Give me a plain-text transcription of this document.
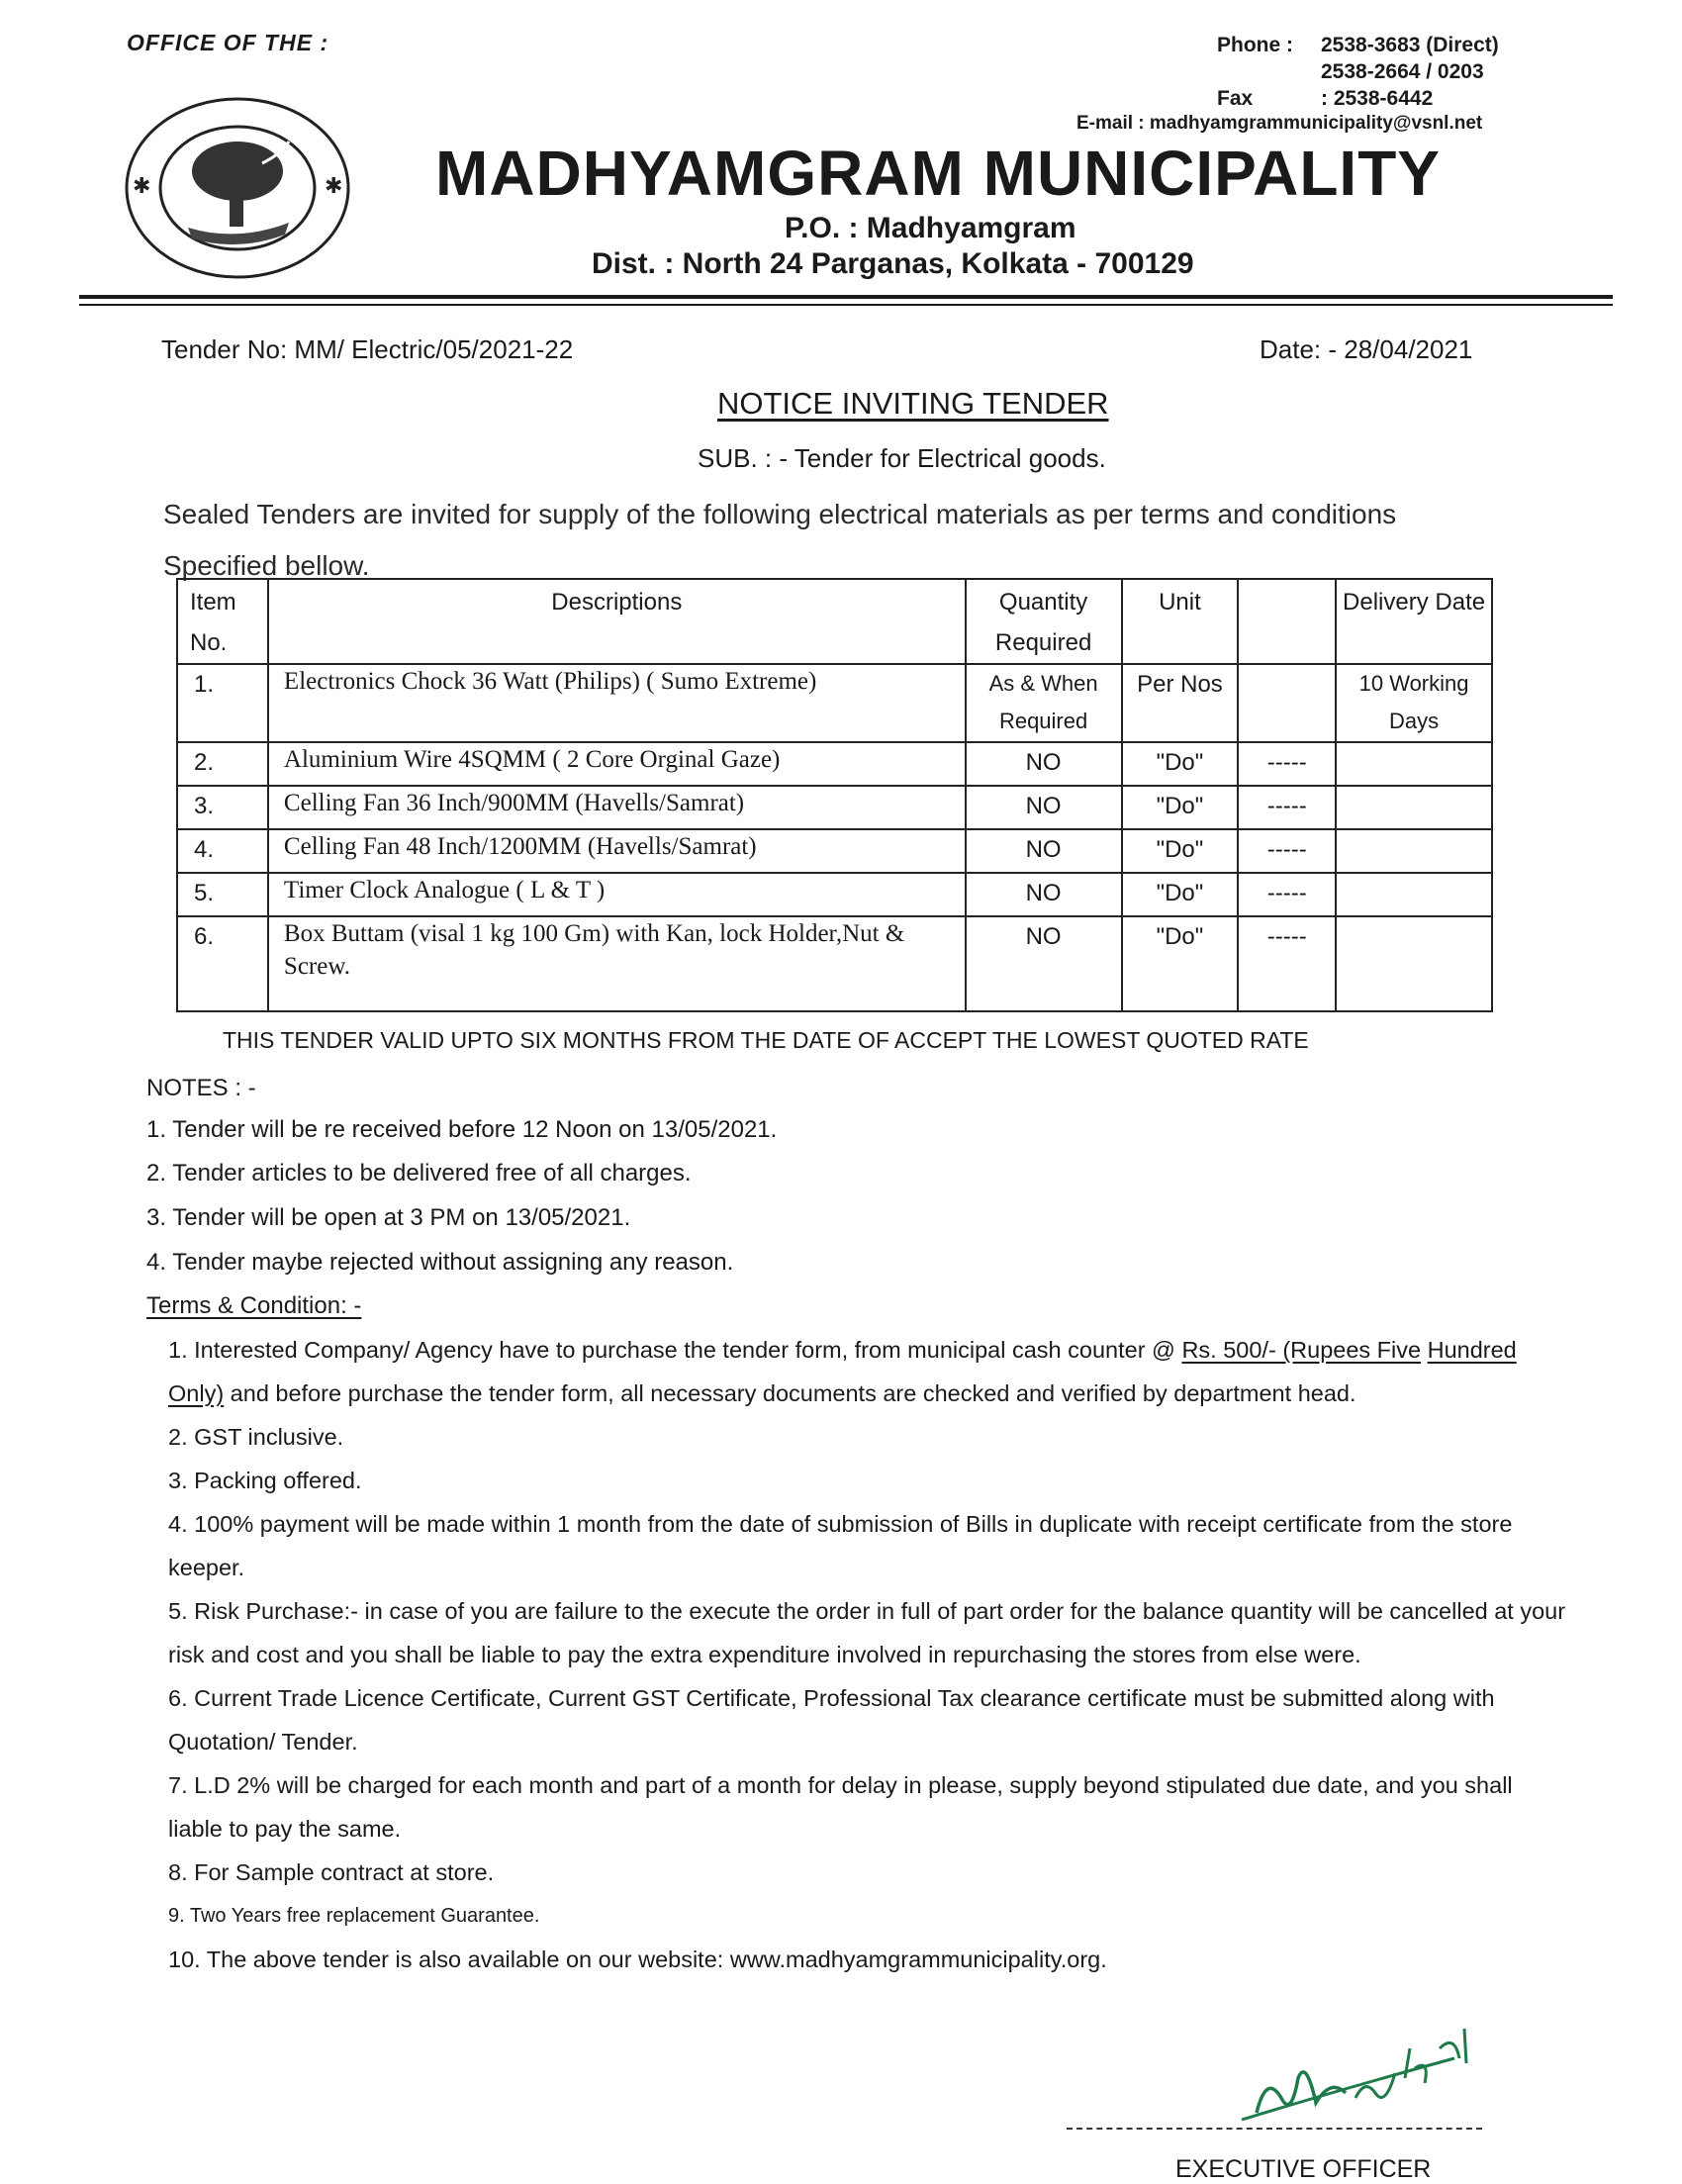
OFFICE OF THE :	Phone :	2538-3683 (Direct)
2538-2664 / 0203
Fax	: 2538-6442
E-mail : madhyamgrammunicipality@vsnl.net
✱	✱ MADHYAMGRAM MUNICIPALITY
P.O. : Madhyamgram
Dist. : North 24 Parganas, Kolkata - 700129
Tender No: MM/ Electric/05/2021-22	Date: - 28/04/2021
NOTICE INVITING TENDER
SUB. : - Tender for Electrical goods.
Sealed Tenders are invited for supply of the following electrical materials as per terms and conditions
Specified bellow.
Item No.	Descriptions	Quantity Required	Unit		Delivery Date
1.	Electronics Chock 36 Watt (Philips) ( Sumo Extreme)	As & When Required	Per Nos		10 Working Days
2.	Aluminium Wire 4SQMM ( 2 Core Orginal Gaze)	NO	"Do"	-----	
3.	Celling Fan 36 Inch/900MM (Havells/Samrat)	NO	"Do"	-----	
4.	Celling Fan 48 Inch/1200MM (Havells/Samrat)	NO	"Do"	-----	
5.	Timer Clock Analogue ( L & T )	NO	"Do"	-----	
6.	Box Buttam (visal 1 kg 100 Gm) with Kan, lock Holder,Nut & Screw.	NO	"Do"	-----	
THIS TENDER VALID UPTO SIX MONTHS FROM THE DATE OF ACCEPT THE LOWEST QUOTED RATE
NOTES : -
1. Tender will be re received before 12 Noon on 13/05/2021.
2. Tender articles to be delivered free of all charges.
3. Tender will be open at 3 PM on 13/05/2021.
4. Tender maybe rejected without assigning any reason.
Terms & Condition: -
1. Interested Company/ Agency have to purchase the tender form, from municipal cash counter @ Rs. 500/- (Rupees Five Hundred Only) and before purchase the tender form, all necessary documents are checked and verified by department head.
2. GST inclusive.
3. Packing offered.
4. 100% payment will be made within 1 month from the date of submission of Bills in duplicate with receipt certificate from the store keeper.
5. Risk Purchase:- in case of you are failure to the execute the order in full of part order for the balance quantity will be cancelled at your risk and cost and you shall be liable to pay the extra expenditure involved in repurchasing the stores from else were.
6. Current Trade Licence Certificate, Current GST Certificate, Professional Tax clearance certificate must be submitted along with Quotation/ Tender.
7. L.D 2% will be charged for each month and part of a month for delay in please, supply beyond stipulated due date, and you shall liable to pay the same.
8. For Sample contract at store.
9. Two Years free replacement Guarantee.
10. The above tender is also available on our website: www.madhyamgrammunicipality.org.
EXECUTIVE OFFICER
